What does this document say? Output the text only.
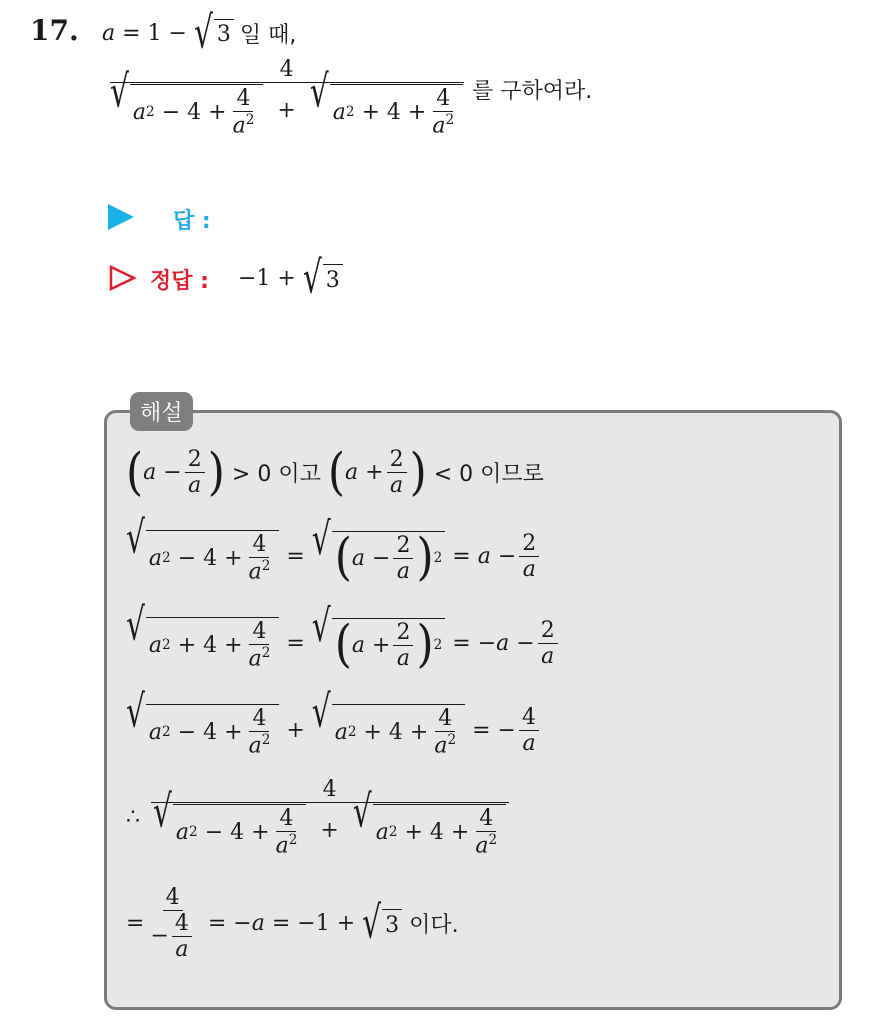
17. a = 1 − √ 3 일 때,
$\frac{4}{√ a 2 - 4 + \frac{4}{a^2} + √ a 2 + 4 + \frac{4}{a^2}}$ 를 구하여라.
답 :
정답 : −1 +
√ 3
해설
( $a - \frac{2}{a}$ )
> 0 이고
( $a + \frac{2}{a}$ )
< 0 이므로
√ a $2 - 4 + \frac{4}{a^2}$ = √ ( $a - \frac{2}{a}$ ) $2 = a - \frac{2}{a}$
√ a $2 + 4 + \frac{4}{a^2}$ = √ ( $a + \frac{2}{a}$ ) 2 = − $a - \frac{2}{a}$
√ a $2 - 4 + \frac{4}{a^2}$ + √ a $2 + 4 + \frac{4}{a^2}$ = − $\frac{4}{a}$
∴
$\frac{4}{√ a 2 - 4 + \frac{4}{a^2} + √ a 2 + 4 + \frac{4}{a^2}}$
= $\frac{4}{- \frac{4}{a}}$ = − a = −1 + √ 3
이다.
